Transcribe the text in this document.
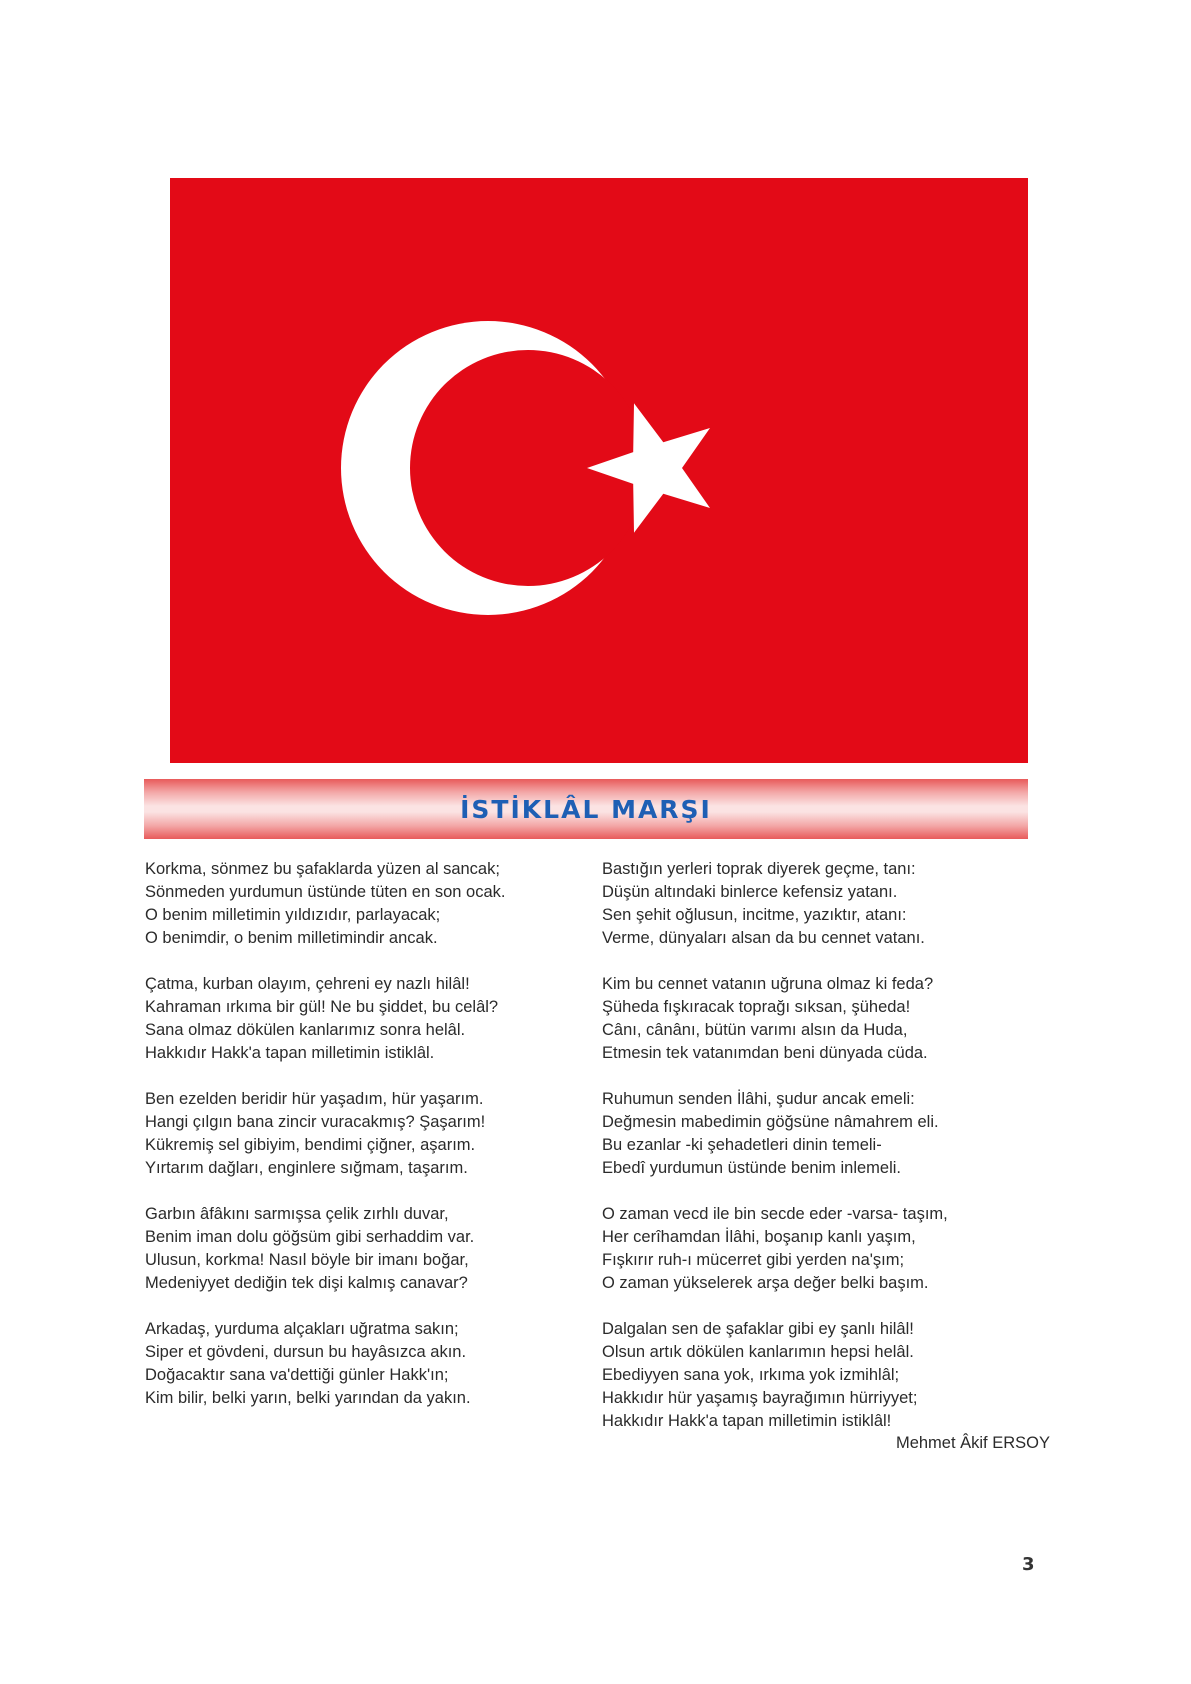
İSTİKLÂL MARŞI
Korkma, sönmez bu şafaklarda yüzen al sancak;
Sönmeden yurdumun üstünde tüten en son ocak.
O benim milletimin yıldızıdır, parlayacak;
O benimdir, o benim milletimindir ancak.
Çatma, kurban olayım, çehreni ey nazlı hilâl!
Kahraman ırkıma bir gül! Ne bu şiddet, bu celâl?
Sana olmaz dökülen kanlarımız sonra helâl.
Hakkıdır Hakk'a tapan milletimin istiklâl.
Ben ezelden beridir hür yaşadım, hür yaşarım.
Hangi çılgın bana zincir vuracakmış? Şaşarım!
Kükremiş sel gibiyim, bendimi çiğner, aşarım.
Yırtarım dağları, enginlere sığmam, taşarım.
Garbın âfâkını sarmışsa çelik zırhlı duvar,
Benim iman dolu göğsüm gibi serhaddim var.
Ulusun, korkma! Nasıl böyle bir imanı boğar,
Medeniyyet dediğin tek dişi kalmış canavar?
Arkadaş, yurduma alçakları uğratma sakın;
Siper et gövdeni, dursun bu hayâsızca akın.
Doğacaktır sana va'dettiği günler Hakk'ın;
Kim bilir, belki yarın, belki yarından da yakın.
Bastığın yerleri toprak diyerek geçme, tanı:
Düşün altındaki binlerce kefensiz yatanı.
Sen şehit oğlusun, incitme, yazıktır, atanı:
Verme, dünyaları alsan da bu cennet vatanı.
Kim bu cennet vatanın uğruna olmaz ki feda?
Şüheda fışkıracak toprağı sıksan, şüheda!
Cânı, cânânı, bütün varımı alsın da Huda,
Etmesin tek vatanımdan beni dünyada cüda.
Ruhumun senden İlâhi, şudur ancak emeli:
Değmesin mabedimin göğsüne nâmahrem eli.
Bu ezanlar -ki şehadetleri dinin temeli-
Ebedî yurdumun üstünde benim inlemeli.
O zaman vecd ile bin secde eder -varsa- taşım,
Her cerîhamdan İlâhi, boşanıp kanlı yaşım,
Fışkırır ruh-ı mücerret gibi yerden na'şım;
O zaman yükselerek arşa değer belki başım.
Dalgalan sen de şafaklar gibi ey şanlı hilâl!
Olsun artık dökülen kanlarımın hepsi helâl.
Ebediyyen sana yok, ırkıma yok izmihlâl;
Hakkıdır hür yaşamış bayrağımın hürriyyet;
Hakkıdır Hakk'a tapan milletimin istiklâl!
Mehmet Âkif ERSOY
3
